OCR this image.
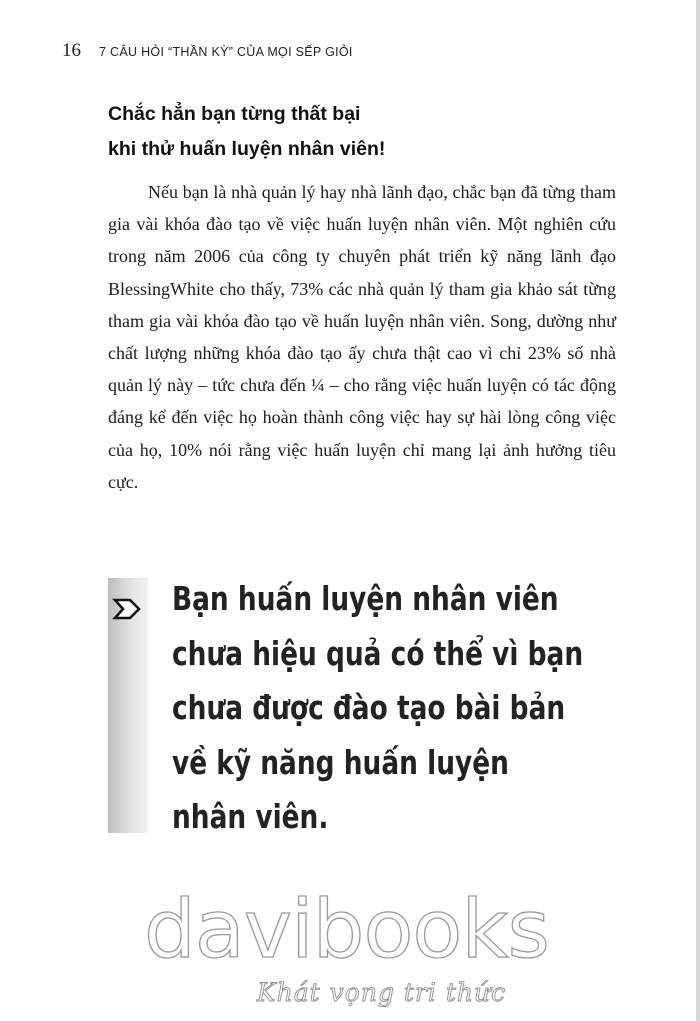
16 7 CÂU HỎI “THẦN KỲ” CỦA MỌI SẾP GIỎI
Chắc hẳn bạn từng thất bại
khi thử huấn luyện nhân viên!

Nếu bạn là nhà quản lý hay nhà lãnh đạo, chắc bạn đã từng tham gia vài khóa đào tạo về việc huấn luyện nhân viên. Một nghiên cứu trong năm 2006 của công ty chuyên phát triển kỹ năng lãnh đạo BlessingWhite cho thấy, 73% các nhà quản lý tham gia khảo sát từng tham gia vài khóa đào tạo về huấn luyện nhân viên. Song, dường như chất lượng những khóa đào tạo ấy chưa thật cao vì chỉ 23% số nhà quản lý này – tức chưa đến ¼ – cho rằng việc huấn luyện có tác động đáng kể đến việc họ hoàn thành công việc hay sự hài lòng công việc của họ, 10% nói rằng việc huấn luyện chỉ mang lại ảnh hưởng tiêu cực.

Bạn huấn luyện nhân viên
chưa hiệu quả có thể vì bạn
chưa được đào tạo bài bản
về kỹ năng huấn luyện
nhân viên.
davibooks
Khát vọng tri thức
